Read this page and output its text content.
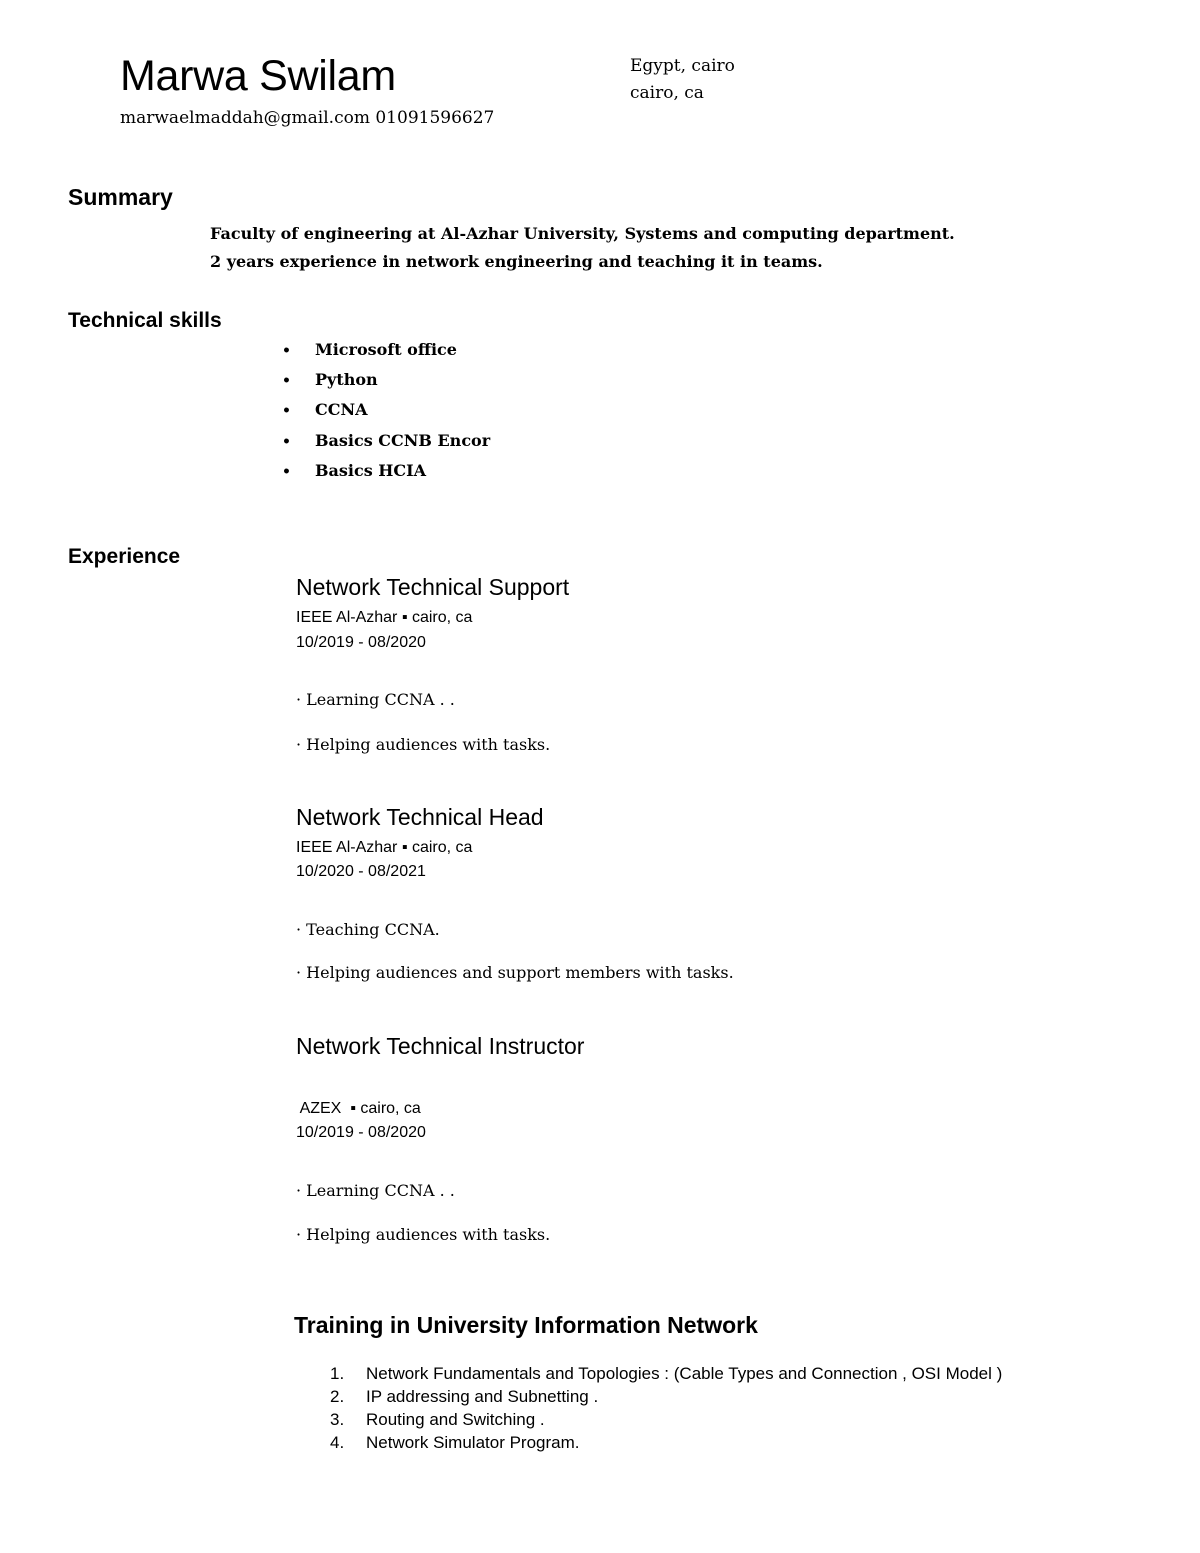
Marwa Swilam
marwaelmaddah@gmail.com 01091596627
Egypt, cairo
cairo, ca
Summary
Faculty of engineering at Al-Azhar University, Systems and computing department.
2 years experience in network engineering and teaching it in teams.
Technical skills
• Microsoft office
• Python
• CCNA
• Basics CCNB Encor
• Basics HCIA
Experience
Network Technical Support
IEEE Al-Azhar ▪ cairo, ca
10/2019 - 08/2020
· Learning CCNA . .
· Helping audiences with tasks.
Network Technical Head
IEEE Al-Azhar ▪ cairo, ca
10/2020 - 08/2021
· Teaching CCNA.
· Helping audiences and support members with tasks.
Network Technical Instructor
AZEX  ▪ cairo, ca
10/2019 - 08/2020
· Learning CCNA . .
· Helping audiences with tasks.
Training in University Information Network
1. Network Fundamentals and Topologies : (Cable Types and Connection , OSI Model )
2. IP addressing and Subnetting .
3. Routing and Switching .
4. Network Simulator Program.
